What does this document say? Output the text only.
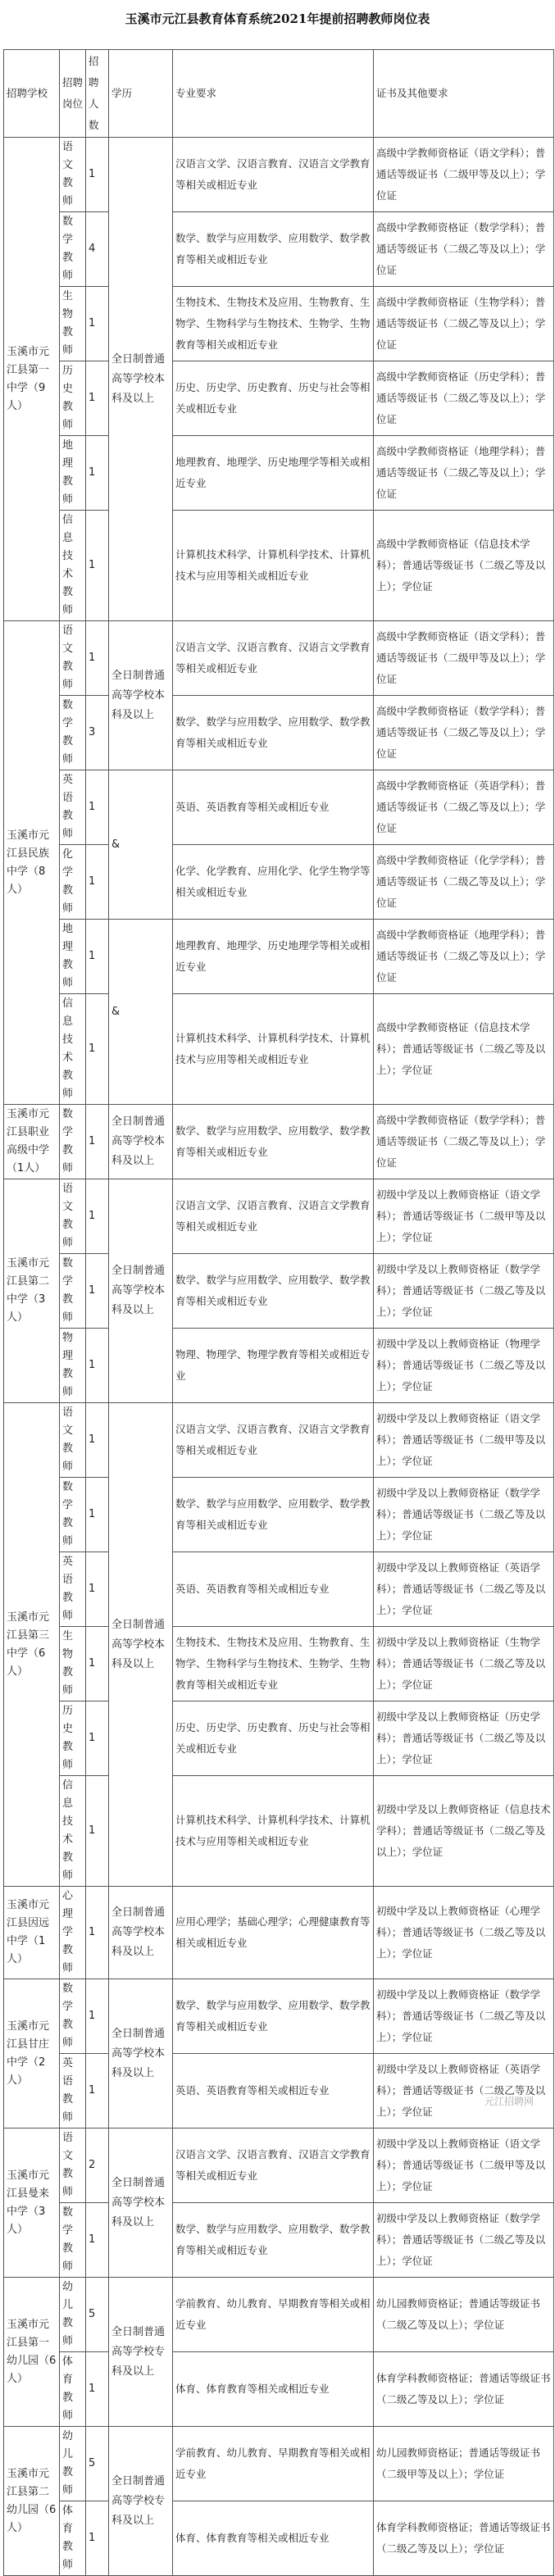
玉溪市元江县教育体育系统2021年提前招聘教师岗位表
招聘学校	招聘岗位	招聘人数	学历	专业要求	证书及其他要求
玉溪市元江县第一中学（9人）	语文教师	1	全日制普通高等学校本科及以上	汉语言文学、汉语言教育、汉语言文学教育等相关或相近专业	高级中学教师资格证（语文学科）；普通话等级证书（二级甲等及以上）；学位证
	数学教师	4		数学、数学与应用数学、应用数学、数学教育等相关或相近专业	高级中学教师资格证（数学学科）；普通话等级证书（二级乙等及以上）；学位证
	生物教师	1		生物技术、生物技术及应用、生物教育、生物学、生物科学与生物技术、生物学、生物教育等相关或相近专业	高级中学教师资格证（生物学科）；普通话等级证书（二级乙等及以上）；学位证
	历史教师	1		历史、历史学、历史教育、历史与社会等相关或相近专业	高级中学教师资格证（历史学科）；普通话等级证书（二级乙等及以上）；学位证
	地理教师	1		地理教育、地理学、历史地理学等相关或相近专业	高级中学教师资格证（地理学科）；普通话等级证书（二级乙等及以上）；学位证
	信息技术教师	1		计算机技术科学、计算机科学技术、计算机技术与应用等相关或相近专业	高级中学教师资格证（信息技术学科）；普通话等级证书（二级乙等及以上）；学位证
玉溪市元江县民族中学（8人）	语文教师	1	全日制普通高等学校本科及以上	汉语言文学、汉语言教育、汉语言文学教育等相关或相近专业	高级中学教师资格证（语文学科）；普通话等级证书（二级甲等及以上）；学位证
	数学教师	3		数学、数学与应用数学、应用数学、数学教育等相关或相近专业	高级中学教师资格证（数学学科）；普通话等级证书（二级乙等及以上）；学位证
	英语教师	1	&	英语、英语教育等相关或相近专业	高级中学教师资格证（英语学科）；普通话等级证书（二级乙等及以上）；学位证
	化学教师	1		化学、化学教育、应用化学、化学生物学等相关或相近专业	高级中学教师资格证（化学学科）；普通话等级证书（二级乙等及以上）；学位证
	地理教师	1	&	地理教育、地理学、历史地理学等相关或相近专业	高级中学教师资格证（地理学科）；普通话等级证书（二级乙等及以上）；学位证
	信息技术教师	1		计算机技术科学、计算机科学技术、计算机技术与应用等相关或相近专业	高级中学教师资格证（信息技术学科）；普通话等级证书（二级乙等及以上）；学位证
玉溪市元江县职业高级中学（1人）	数学教师	1	全日制普通高等学校本科及以上	数学、数学与应用数学、应用数学、数学教育等相关或相近专业	高级中学教师资格证（数学学科）；普通话等级证书（二级乙等及以上）；学位证
玉溪市元江县第二中学（3人）	语文教师	1	全日制普通高等学校本科及以上	汉语言文学、汉语言教育、汉语言文学教育等相关或相近专业	初级中学及以上教师资格证（语文学科）；普通话等级证书（二级甲等及以上）；学位证
	数学教师	1		数学、数学与应用数学、应用数学、数学教育等相关或相近专业	初级中学及以上教师资格证（数学学科）；普通话等级证书（二级乙等及以上）；学位证
	物理教师	1		物理、物理学、物理学教育等相关或相近专业	初级中学及以上教师资格证（物理学科）；普通话等级证书（二级乙等及以上）；学位证
玉溪市元江县第三中学（6人）	语文教师	1	全日制普通高等学校本科及以上	汉语言文学、汉语言教育、汉语言文学教育等相关或相近专业	初级中学及以上教师资格证（语文学科）；普通话等级证书（二级甲等及以上）；学位证
	数学教师	1		数学、数学与应用数学、应用数学、数学教育等相关或相近专业	初级中学及以上教师资格证（数学学科）；普通话等级证书（二级乙等及以上）；学位证
	英语教师	1		英语、英语教育等相关或相近专业	初级中学及以上教师资格证（英语学科）；普通话等级证书（二级乙等及以上）；学位证
	生物教师	1		生物技术、生物技术及应用、生物教育、生物学、生物科学与生物技术、生物学、生物教育等相关或相近专业	初级中学及以上教师资格证（生物学科）；普通话等级证书（二级乙等及以上）；学位证
	历史教师	1		历史、历史学、历史教育、历史与社会等相关或相近专业	初级中学及以上教师资格证（历史学科）；普通话等级证书（二级乙等及以上）；学位证
	信息技术教师	1		计算机技术科学、计算机科学技术、计算机技术与应用等相关或相近专业	初级中学及以上教师资格证（信息技术学科）；普通话等级证书（二级乙等及以上）；学位证
玉溪市元江县因远中学（1人）	心理学教师	1	全日制普通高等学校本科及以上	应用心理学；基础心理学；心理健康教育等相关或相近专业	初级中学及以上教师资格证（心理学科）；普通话等级证书（二级乙等及以上）；学位证
玉溪市元江县甘庄中学（2人）	数学教师	1	全日制普通高等学校本科及以上	数学、数学与应用数学、应用数学、数学教育等相关或相近专业	初级中学及以上教师资格证（数学学科）；普通话等级证书（二级乙等及以上）；学位证
	英语教师	1		英语、英语教育等相关或相近专业	初级中学及以上教师资格证（英语学科）；普通话等级证书（二级乙等及以上）；学位证
玉溪市元江县曼来中学（3人）	语文教师	2	全日制普通高等学校本科及以上	汉语言文学、汉语言教育、汉语言文学教育等相关或相近专业	初级中学及以上教师资格证（语文学科）；普通话等级证书（二级甲等及以上）；学位证
	数学教师	1		数学、数学与应用数学、应用数学、数学教育等相关或相近专业	初级中学及以上教师资格证（数学学科）；普通话等级证书（二级乙等及以上）；学位证
玉溪市元江县第一幼儿园（6人）	幼儿教师	5	全日制普通高等学校专科及以上	学前教育、幼儿教育、早期教育等相关或相近专业	幼儿园教师资格证；普通话等级证书（二级乙等及以上）；学位证
	体育教师	1		体育、体育教育等相关或相近专业	体育学科教师资格证；普通话等级证书（二级乙等及以上）；学位证
玉溪市元江县第二幼儿园（6人）	幼儿教师	5	全日制普通高等学校专科及以上	学前教育、幼儿教育、早期教育等相关或相近专业	幼儿园教师资格证；普通话等级证书（二级甲等及以上）；学位证
	体育教师	1		体育、体育教育等相关或相近专业	体育学科教师资格证；普通话等级证书（二级乙等及以上）；学位证
元江招聘网
